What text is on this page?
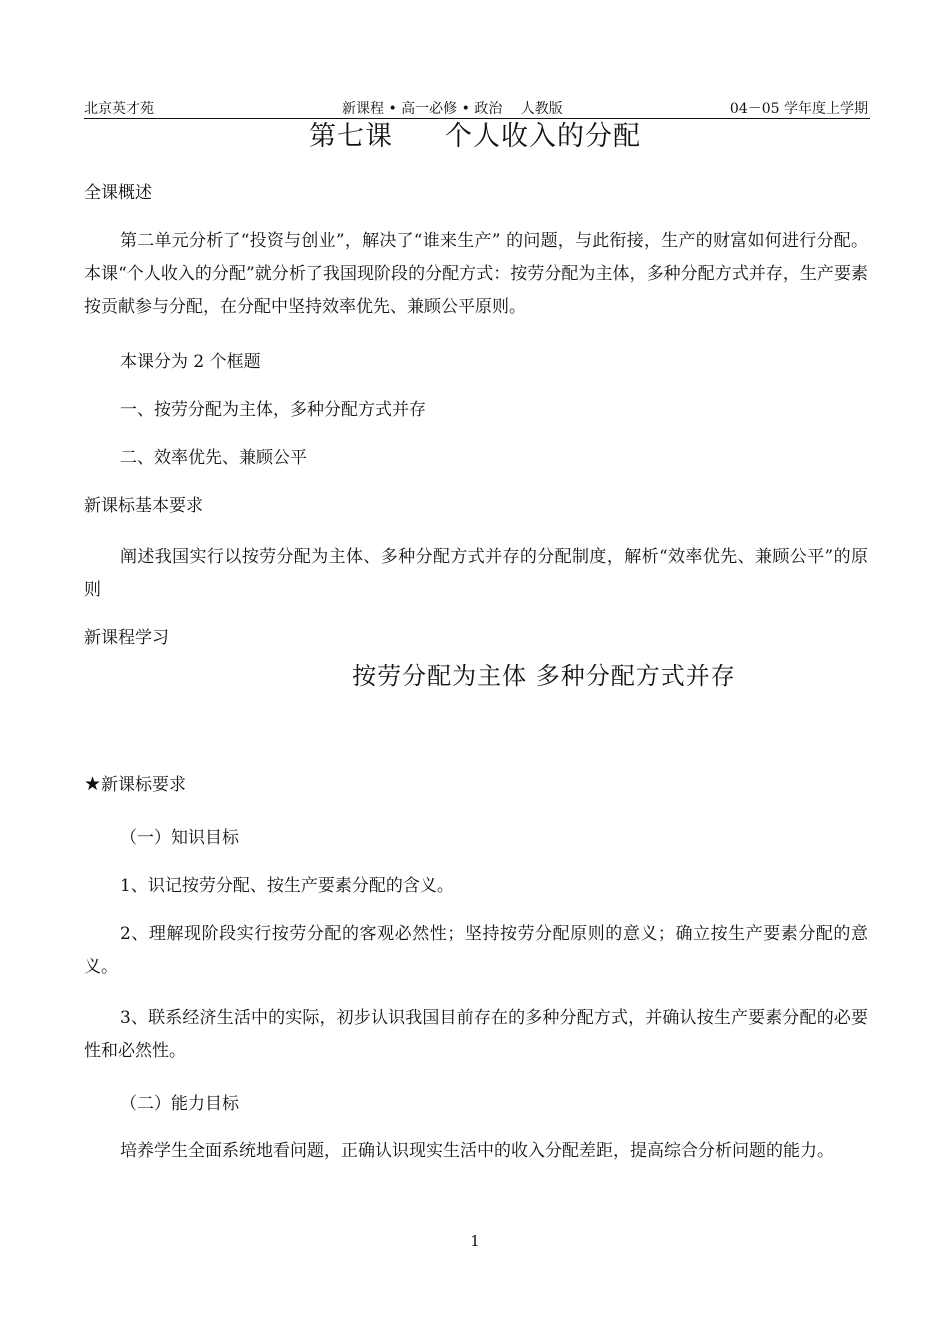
北京英才苑	新课程 • 高一必修 • 政治　 人教版	04－05 学年度上学期
第七课 个人收入的分配
全课概述
第二单元分析了“投资与创业”，解决了“谁来生产” 的问题，与此衔接，生产的财富如何进行分配。本课“个人收入的分配”就分析了我国现阶段的分配方式：按劳分配为主体，多种分配方式并存，生产要素按贡献参与分配，在分配中坚持效率优先、兼顾公平原则。
本课分为 2 个框题
一、按劳分配为主体，多种分配方式并存
二、效率优先、兼顾公平
新课标基本要求
阐述我国实行以按劳分配为主体、多种分配方式并存的分配制度，解析“效率优先、兼顾公平”的原则
新课程学习
按劳分配为主体 多种分配方式并存
★新课标要求
（一）知识目标
1、识记按劳分配、按生产要素分配的含义。
2、理解现阶段实行按劳分配的客观必然性；坚持按劳分配原则的意义；确立按生产要素分配的意义。
3、联系经济生活中的实际，初步认识我国目前存在的多种分配方式，并确认按生产要素分配的必要性和必然性。
（二）能力目标
培养学生全面系统地看问题，正确认识现实生活中的收入分配差距，提高综合分析问题的能力。
1
